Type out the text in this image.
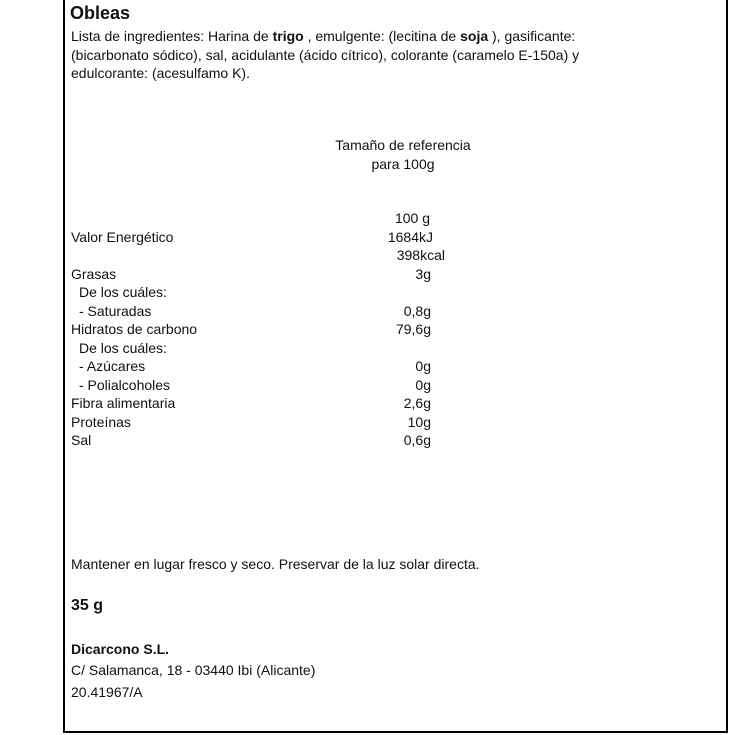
Obleas
Lista de ingredientes: Harina de trigo , emulgente: (lecitina de soja ), gasificante: (bicarbonato sódico), sal, acidulante (ácido cítrico), colorante (caramelo E-150a) y edulcorante: (acesulfamo K).
Tamaño de referencia
para 100g
100 g
Valor Energético	1684kJ
398kcal
Grasas	3g
De los cuáles:
- Saturadas	0,8g
Hidratos de carbono	79,6g
De los cuáles:
- Azúcares	0g
- Polialcoholes	0g
Fibra alimentaria	2,6g
Proteínas	10g
Sal	0,6g
Mantener en lugar fresco y seco. Preservar de la luz solar directa.
35 g
Dicarcono S.L.
C/ Salamanca, 18 - 03440 Ibi (Alicante)
20.41967/A
